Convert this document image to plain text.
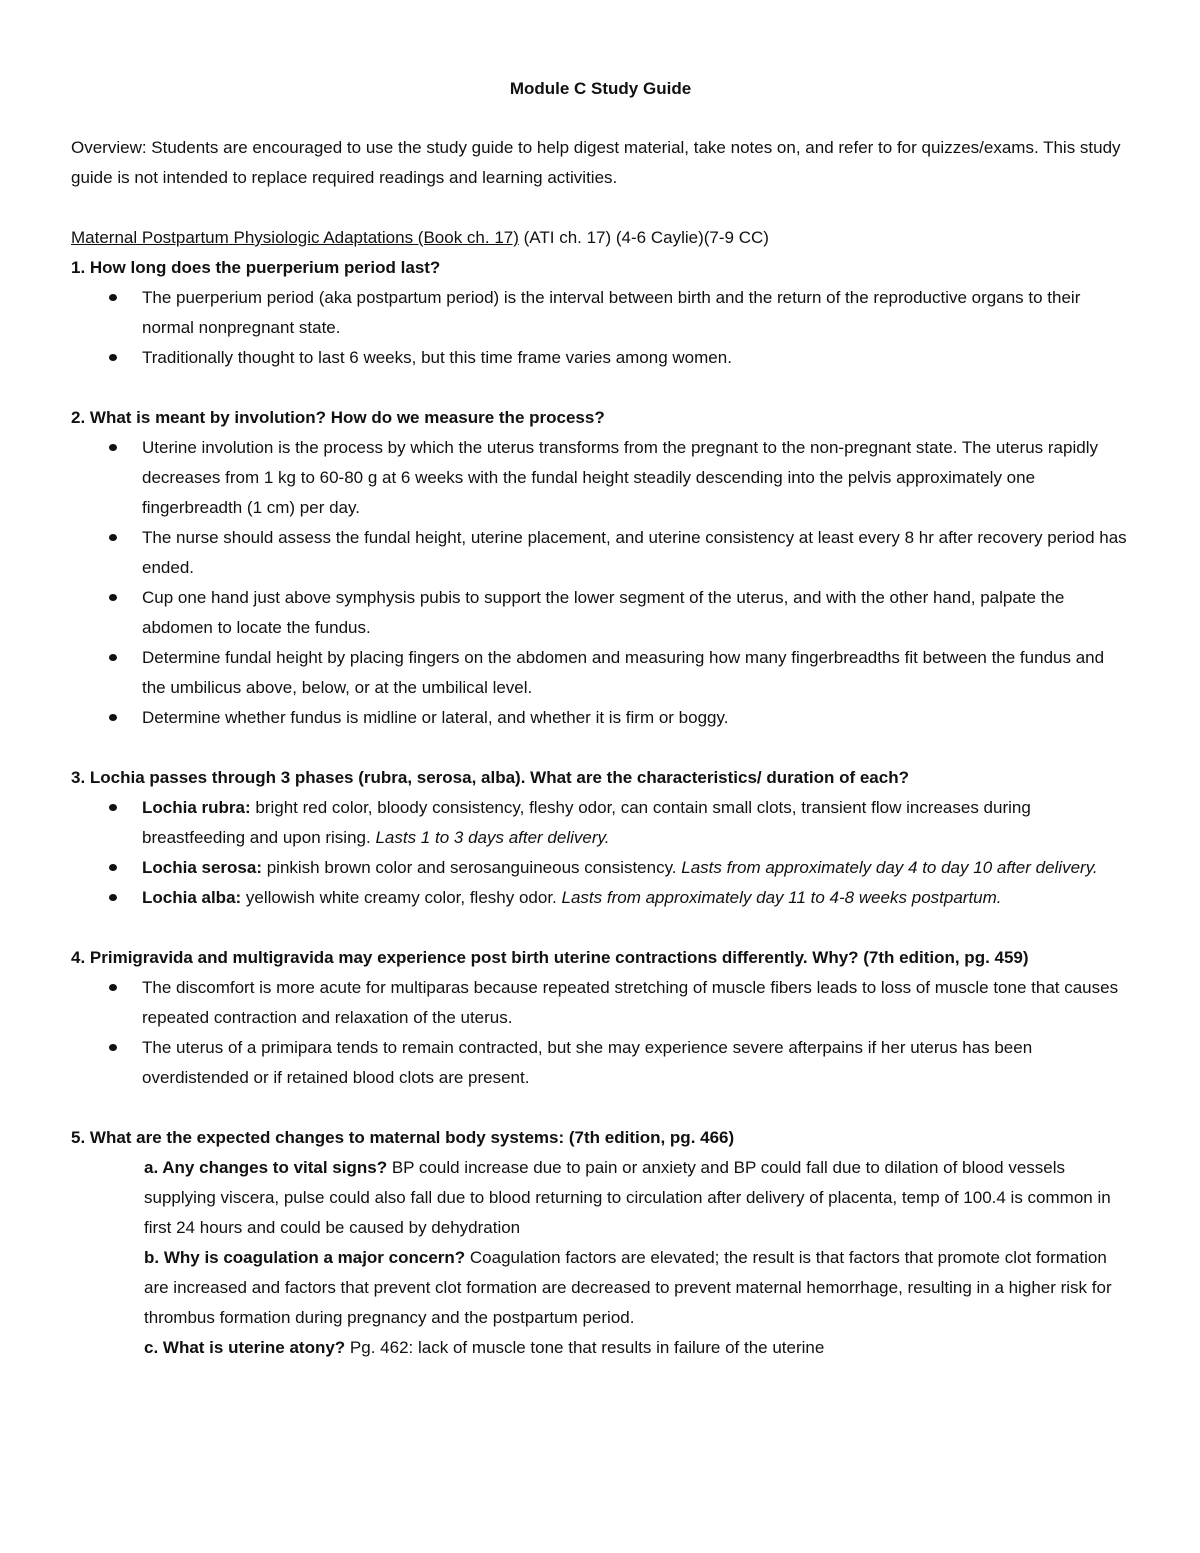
Module C Study Guide

Overview: Students are encouraged to use the study guide to help digest material, take notes on, and refer to for quizzes/exams. This study guide is not intended to replace required readings and learning activities.

Maternal Postpartum Physiologic Adaptations (Book ch. 17) (ATI ch. 17) (4-6 Caylie)(7-9 CC)

1. How long does the puerperium period last?

The puerperium period (aka postpartum period) is the interval between birth and the return of the reproductive organs to their normal nonpregnant state.
Traditionally thought to last 6 weeks, but this time frame varies among women.

2. What is meant by involution? How do we measure the process?

Uterine involution is the process by which the uterus transforms from the pregnant to the non-pregnant state. The uterus rapidly decreases from 1 kg to 60-80 g at 6 weeks with the fundal height steadily descending into the pelvis approximately one fingerbreadth (1 cm) per day.
The nurse should assess the fundal height, uterine placement, and uterine consistency at least every 8 hr after recovery period has ended.
Cup one hand just above symphysis pubis to support the lower segment of the uterus, and with the other hand, palpate the abdomen to locate the fundus.
Determine fundal height by placing fingers on the abdomen and measuring how many fingerbreadths fit between the fundus and the umbilicus above, below, or at the umbilical level.
Determine whether fundus is midline or lateral, and whether it is firm or boggy.

3. Lochia passes through 3 phases (rubra, serosa, alba). What are the characteristics/ duration of each?

Lochia rubra: bright red color, bloody consistency, fleshy odor, can contain small clots, transient flow increases during breastfeeding and upon rising. Lasts 1 to 3 days after delivery.
Lochia serosa: pinkish brown color and serosanguineous consistency. Lasts from approximately day 4 to day 10 after delivery.
Lochia alba: yellowish white creamy color, fleshy odor. Lasts from approximately day 11 to 4-8 weeks postpartum.

4. Primigravida and multigravida may experience post birth uterine contractions differently. Why? (7th edition, pg. 459)

The discomfort is more acute for multiparas because repeated stretching of muscle fibers leads to loss of muscle tone that causes repeated contraction and relaxation of the uterus.
The uterus of a primipara tends to remain contracted, but she may experience severe afterpains if her uterus has been overdistended or if retained blood clots are present.

5. What are the expected changes to maternal body systems: (7th edition, pg. 466)

a. Any changes to vital signs? BP could increase due to pain or anxiety and BP could fall due to dilation of blood vessels supplying viscera, pulse could also fall due to blood returning to circulation after delivery of placenta, temp of 100.4 is common in first 24 hours and could be caused by dehydration

b. Why is coagulation a major concern? Coagulation factors are elevated; the result is that factors that promote clot formation are increased and factors that prevent clot formation are decreased to prevent maternal hemorrhage, resulting in a higher risk for thrombus formation during pregnancy and the postpartum period.

c. What is uterine atony? Pg. 462: lack of muscle tone that results in failure of the uterine
